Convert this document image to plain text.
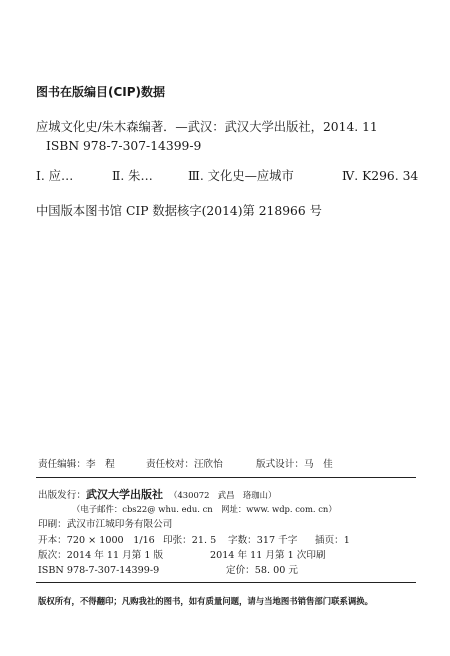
图书在版编目(CIP)数据
应城文化史/朱木森编著．—武汉：武汉大学出版社，2014. 11
ISBN 978-7-307-14399-9
Ⅰ. 应…	Ⅱ. 朱…	Ⅲ. 文化史—应城市	Ⅳ. K296. 34
中国版本图书馆 CIP 数据核字(2014)第 218966 号
责任编辑：李　程	责任校对：汪欣怡	版式设计：马　佳
出版发行：武汉大学出版社 （430072　武昌　珞珈山）
（电子邮件：cbs22@ whu. edu. cn　网址：www. wdp. com. cn）
印刷：武汉市江城印务有限公司
开本：720 × 1000　1/16 印张：21. 5 字数：317 千字 插页：1
版次：2014 年 11 月第 1 版	2014 年 11 月第 1 次印刷
ISBN 978-7-307-14399-9	定价：58. 00 元
版权所有，不得翻印；凡购我社的图书，如有质量问题，请与当地图书销售部门联系调换。
